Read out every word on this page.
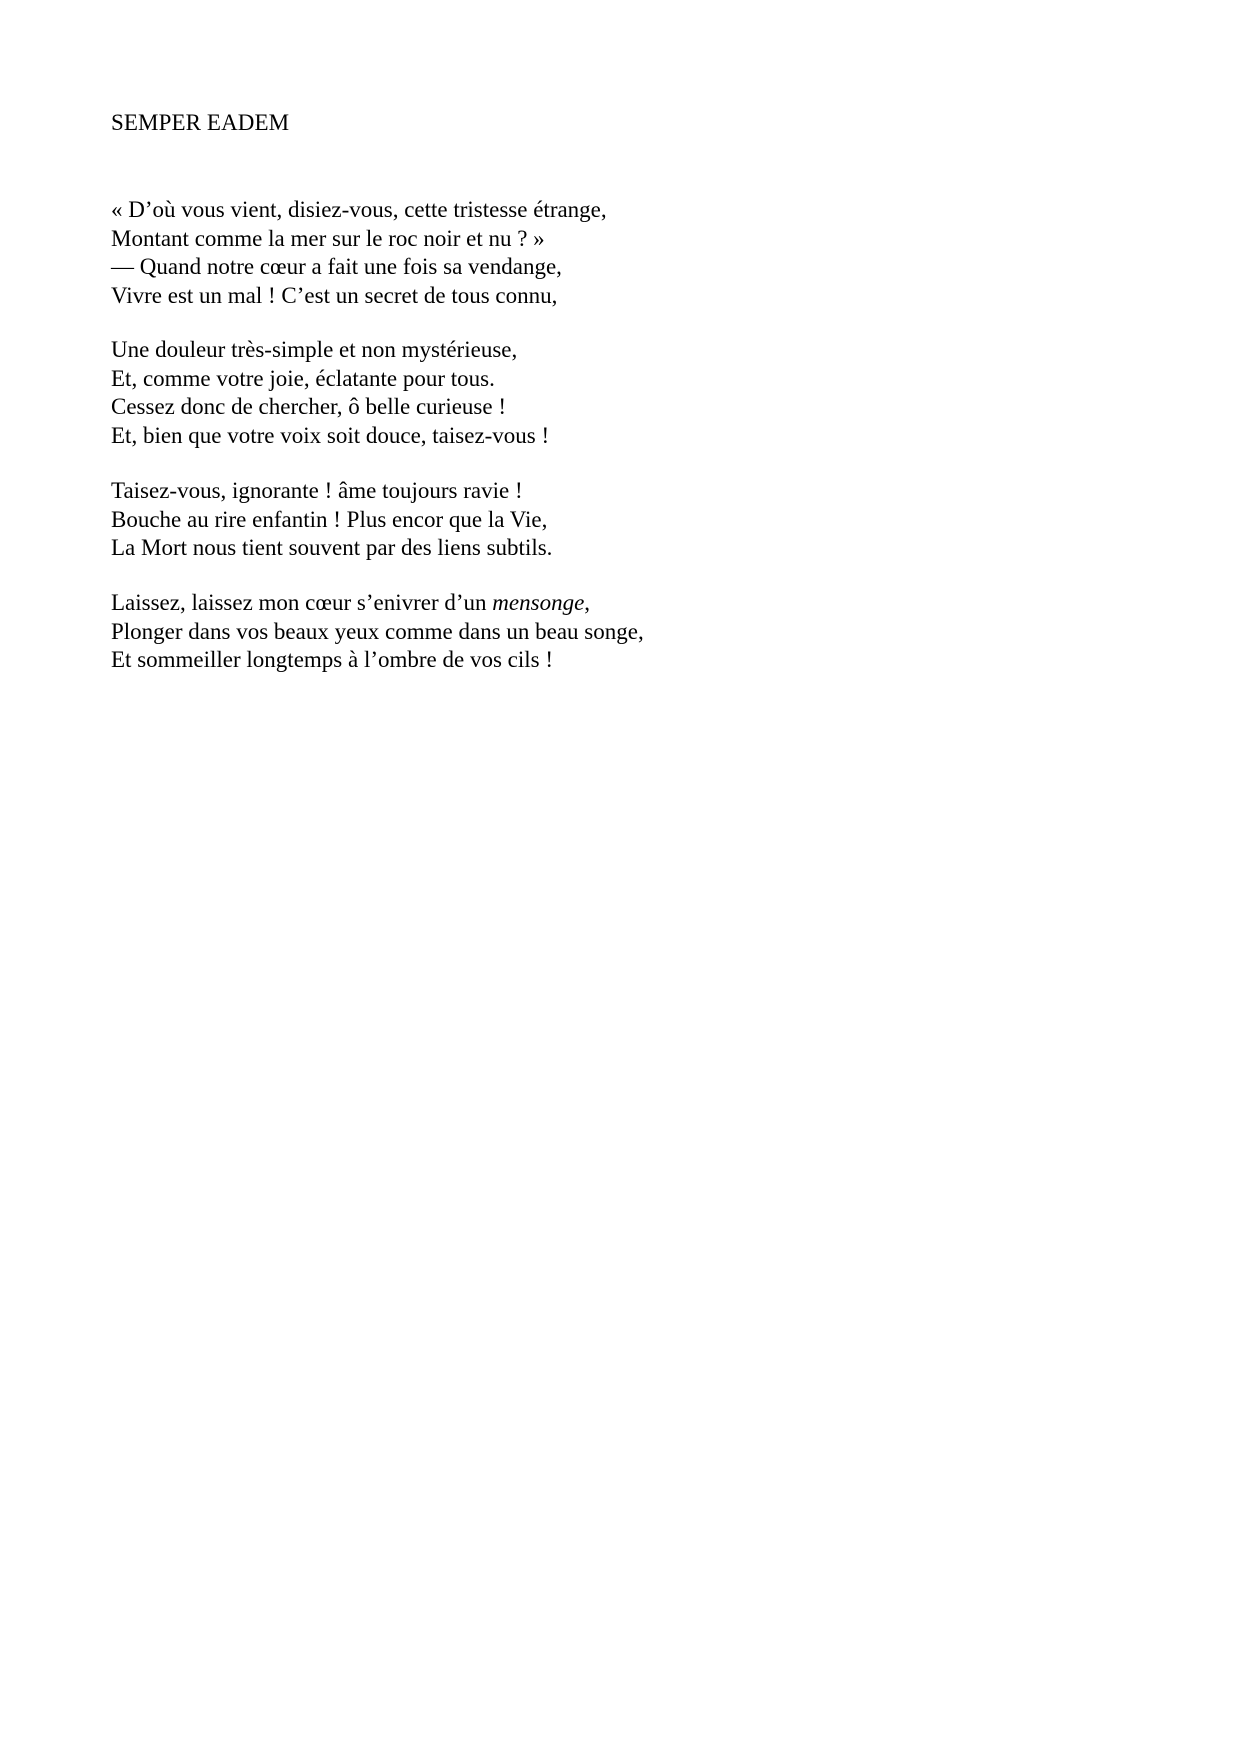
SEMPER EADEM
« D’où vous vient, disiez-vous, cette tristesse étrange,
Montant comme la mer sur le roc noir et nu ? »
— Quand notre cœur a fait une fois sa vendange,
Vivre est un mal ! C’est un secret de tous connu,
Une douleur très-simple et non mystérieuse,
Et, comme votre joie, éclatante pour tous.
Cessez donc de chercher, ô belle curieuse !
Et, bien que votre voix soit douce, taisez-vous !
Taisez-vous, ignorante ! âme toujours ravie !
Bouche au rire enfantin ! Plus encor que la Vie,
La Mort nous tient souvent par des liens subtils.
Laissez, laissez mon cœur s’enivrer d’un mensonge,
Plonger dans vos beaux yeux comme dans un beau songe,
Et sommeiller longtemps à l’ombre de vos cils !
